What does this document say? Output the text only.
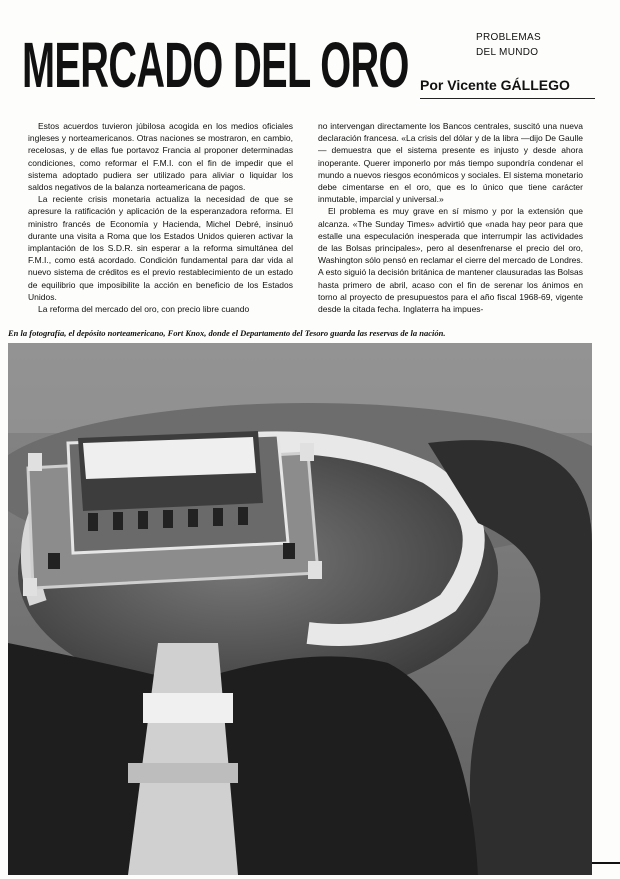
MERCADO DEL ORO	PROBLEMAS
DEL MUNDO
Por Vicente GÁLLEGO

Estos acuerdos tuvieron júbilosa acogida en los medios oficiales ingleses y norteamericanos. Otras naciones se mostraron, en cambio, recelosas, y de ellas fue portavoz Francia al proponer determinadas condiciones, como reformar el F.M.I. con el fin de impedir que el sistema adoptado pudiera ser utilizado para aliviar o liquidar los saldos negativos de la balanza norteamericana de pagos.

La reciente crisis monetaria actualiza la necesidad de que se apresure la ratificación y aplicación de la esperanzadora reforma. El ministro francés de Economía y Hacienda, Michel Debré, insinuó durante una visita a Roma que los Estados Unidos quieren activar la implantación de los S.D.R. sin esperar a la reforma simultánea del F.M.I., como está acordado. Condición fundamental para dar vida al nuevo sistema de créditos es el previo restablecimiento de un estado de equilibrio que imposibilite la acción en beneficio de los Estados Unidos.

La reforma del mercado del oro, con precio libre cuando

no intervengan directamente los Bancos centrales, suscitó una nueva declaración francesa. «La crisis del dólar y de la libra —dijo De Gaulle— demuestra que el sistema presente es injusto y desde ahora inoperante. Querer imponerlo por más tiempo supondría condenar el mundo a nuevos riesgos económicos y sociales. El sistema monetario debe cimentarse en el oro, que es lo único que tiene carácter inmutable, imparcial y universal.»

El problema es muy grave en sí mismo y por la extensión que alcanza. «The Sunday Times» advirtió que «nada hay peor para que estalle una especulación inesperada que interrumpir las actividades de las Bolsas principales», pero al desenfrenarse el precio del oro, Washington sólo pensó en reclamar el cierre del mercado de Londres. A esto siguió la decisión británica de mantener clausuradas las Bolsas hasta primero de abril, acaso con el fin de serenar los ánimos en torno al proyecto de presupuestos para el año fiscal 1968-69, vigente desde la citada fecha. Inglaterra ha impues-

En la fotografía, el depósito norteamericano, Fort Knox, donde el Departamento del Tesoro guarda las reservas de la nación.
